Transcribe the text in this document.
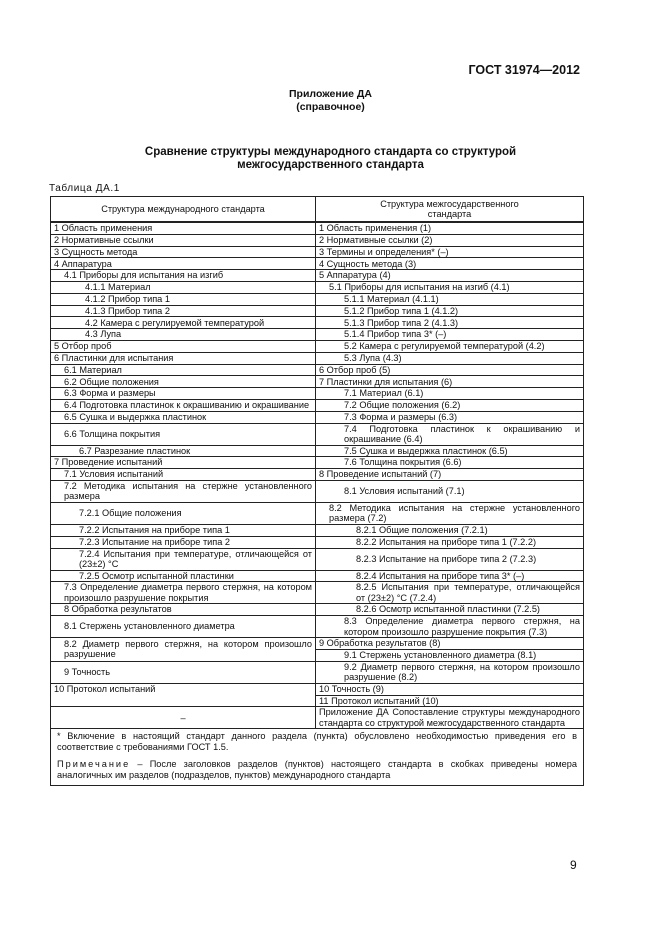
ГОСТ 31974—2012
Приложение ДА
(справочное)
Сравнение структуры международного стандарта со структурой
межгосударственного стандарта
Таблица ДА.1
Структура международного стандарта	Структура межгосударственного
стандарта

1 Область применения	1 Область применения (1)
2 Нормативные ссылки	2 Нормативные ссылки (2)
3 Сущность метода	3 Термины и определения* (–)
4 Аппаратура	4 Сущность метода (3)
4.1 Приборы для испытания на изгиб	5 Аппаратура (4)
4.1.1 Материал	5.1 Приборы для испытания на изгиб (4.1)
4.1.2 Прибор типа 1	5.1.1 Материал (4.1.1)
4.1.3 Прибор типа 2	5.1.2 Прибор типа 1 (4.1.2)
4.2 Камера с регулируемой температурой	5.1.3 Прибор типа 2 (4.1.3)
4.3 Лупа	5.1.4 Прибор типа 3* (–)
5 Отбор проб	5.2 Камера с регулируемой температурой (4.2)
6 Пластинки для испытания	5.3 Лупа (4.3)
6.1 Материал	6 Отбор проб (5)
6.2 Общие положения	7 Пластинки для испытания (6)
6.3 Форма и размеры	7.1 Материал (6.1)
6.4 Подготовка пластинок к окрашиванию и окрашивание	7.2 Общие положения (6.2)
6.5 Сушка и выдержка пластинок	7.3 Форма и размеры (6.3)
6.6 Толщина покрытия	7.4 Подготовка пластинок к окрашиванию и окрашивание (6.4)
6.7 Разрезание пластинок	7.5 Сушка и выдержка пластинок (6.5)
7 Проведение испытаний	7.6 Толщина покрытия (6.6)
7.1 Условия испытаний	8 Проведение испытаний (7)
7.2 Методика испытания на стержне установленного размера	8.1 Условия испытаний (7.1)
7.2.1 Общие положения	8.2 Методика испытания на стержне установленного размера (7.2)
7.2.2 Испытания на приборе типа 1	8.2.1 Общие положения (7.2.1)
7.2.3 Испытание на приборе типа 2	8.2.2 Испытания на приборе типа 1 (7.2.2)
7.2.4 Испытания при температуре, отличающейся от (23±2) °С	8.2.3 Испытание на приборе типа 2 (7.2.3)
7.2.5 Осмотр испытанной пластинки	8.2.4 Испытания на приборе типа 3* (–)
7.3 Определение диаметра первого стержня, на котором произошло разрушение покрытия	8.2.5 Испытания при температуре, отличающейся от (23±2) °С (7.2.4)
8 Обработка результатов	8.2.6 Осмотр испытанной пластинки (7.2.5)
8.1 Стержень установленного диаметра	8.3 Определение диаметра первого стержня, на котором произошло разрушение покрытия (7.3)
8.2 Диаметр первого стержня, на котором произошло разрушение	9 Обработка результатов (8)
	9.1 Стержень установленного диаметра (8.1)
9 Точность	9.2 Диаметр первого стержня, на котором произошло разрушение (8.2)
10 Протокол испытаний	10 Точность (9)
	11 Протокол испытаний (10)
–	Приложение ДА Сопоставление структуры международного стандарта со структурой межгосударственного стандарта

* Включение в настоящий стандарт данного раздела (пункта) обусловлено необходимостью приведения его в соответствие с требованиями ГОСТ 1.5.

Примечание – После заголовков разделов (пунктов) настоящего стандарта в скобках приведены номера аналогичных им разделов (подразделов, пунктов) международного стандарта	

9
